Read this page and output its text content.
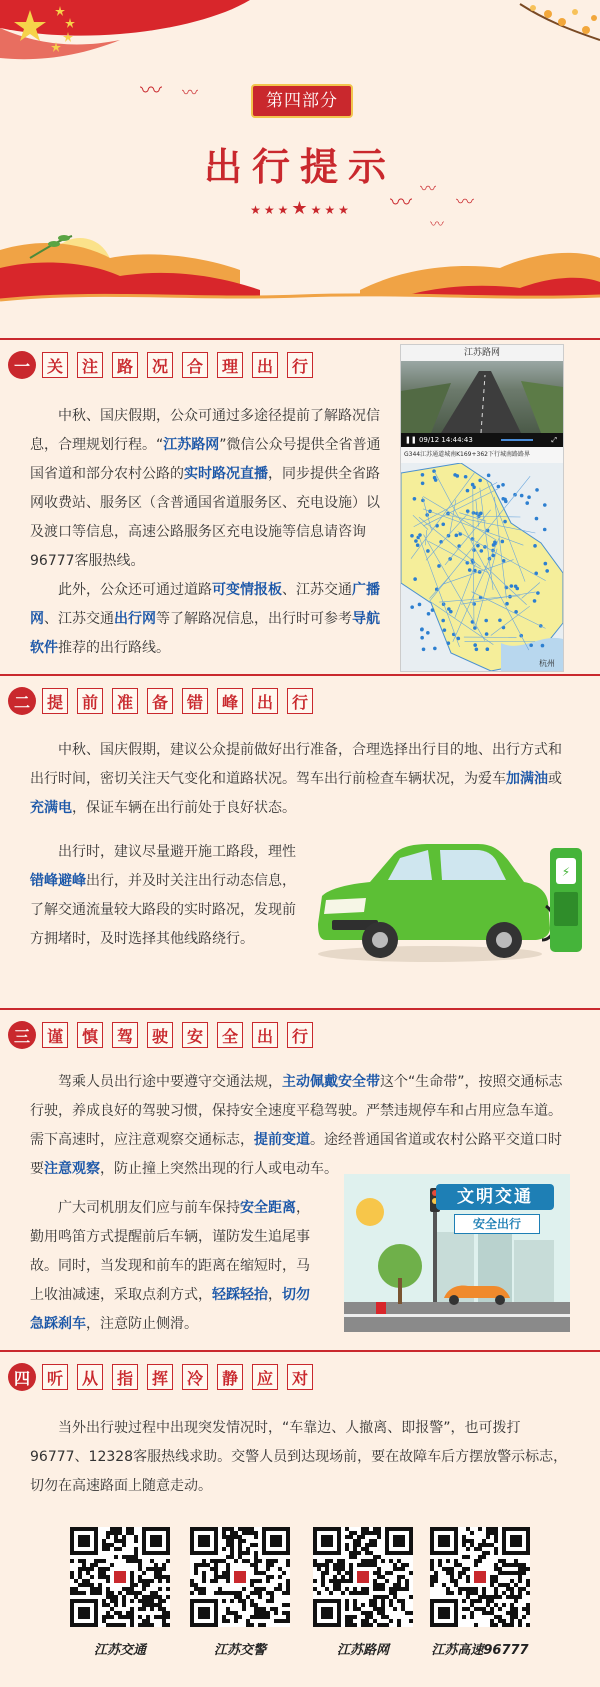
〰 〰
〰
〰
〰
〰
第四部分
出行提示
★★★★★★★
一	关	注	路	况	合	理	出	行
中秋、国庆假期，公众可通过多途径提前了解路况信息，合理规划行程。“江苏路网”微信公众号提供全省普通国省道和部分农村公路的实时路况直播，同步提供全省路网收费站、服务区（含普通国省道服务区、充电设施）以及渡口等信息，高速公路服务区充电设施等信息请咨询96777客服热线。
此外，公众还可通过道路可变情报板、江苏交通广播网、江苏交通出行网等了解路况信息，出行时可参考导航软件推荐的出行路线。
江苏路网
❚❚ 09/12 14:44:43	⤢
G344江苏通道城南K169+362下行城南路路界
杭州
二	提	前	准	备	错	峰	出	行
中秋、国庆假期，建议公众提前做好出行准备，合理选择出行目的地、出行方式和出行时间，密切关注天气变化和道路状况。驾车出行前检查车辆状况，为爱车加满油或充满电，保证车辆在出行前处于良好状态。
出行时，建议尽量避开施工路段，理性错峰避峰出行，并及时关注出行动态信息，了解交通流量较大路段的实时路况，发现前方拥堵时，及时选择其他线路绕行。
⚡
三	谨	慎	驾	驶	安	全	出	行
驾乘人员出行途中要遵守交通法规，主动佩戴安全带这个“生命带”，按照交通标志行驶，养成良好的驾驶习惯，保持安全速度平稳驾驶。严禁违规停车和占用应急车道。需下高速时，应注意观察交通标志，提前变道。途经普通国省道或农村公路平交道口时要注意观察，防止撞上突然出现的行人或电动车。
广大司机朋友们应与前车保持安全距离，勤用鸣笛方式提醒前后车辆，谨防发生追尾事故。同时，当发现和前车的距离在缩短时，马上收油减速，采取点刹方式，轻踩轻抬，切勿急踩刹车，注意防止侧滑。
文明交通
安全出行
四	听	从	指	挥	冷	静	应	对
当外出行驶过程中出现突发情况时，“车靠边、人撤离、即报警”，也可拨打96777、12328客服热线求助。交警人员到达现场前，要在故障车后方摆放警示标志，切勿在高速路面上随意走动。
江苏交通	江苏交警	江苏路网	江苏高速96777
